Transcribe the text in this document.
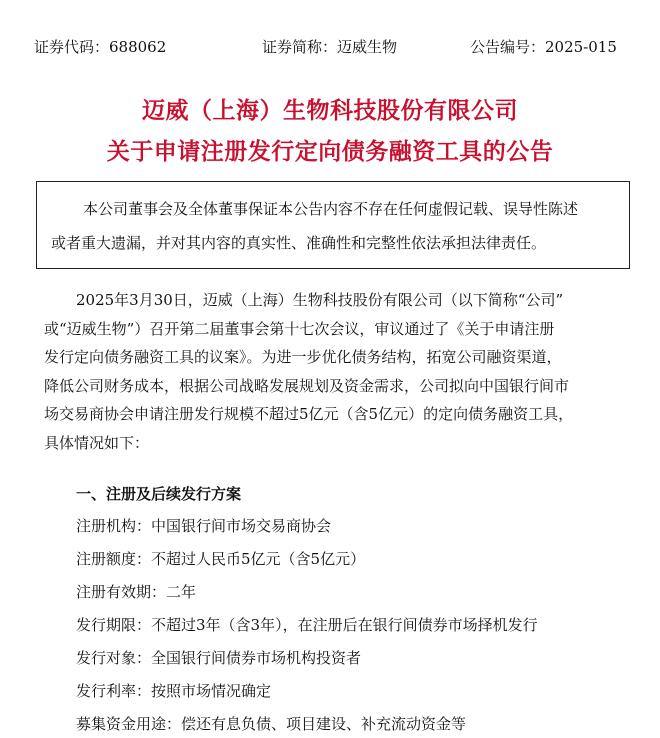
证券代码：688062	证券简称：迈威生物	公告编号：2025-015
迈威（上海）生物科技股份有限公司
关于申请注册发行定向债务融资工具的公告

本公司董事会及全体董事保证本公告内容不存在任何虚假记载、误导性陈述

或者重大遗漏，并对其内容的真实性、准确性和完整性依法承担法律责任。
2025年3月30日，迈威（上海）生物科技股份有限公司（以下简称“公司”
或“迈威生物”）召开第二届董事会第十七次会议，审议通过了《关于申请注册
发行定向债务融资工具的议案》。为进一步优化债务结构，拓宽公司融资渠道，
降低公司财务成本，根据公司战略发展规划及资金需求，公司拟向中国银行间市
场交易商协会申请注册发行规模不超过5亿元（含5亿元）的定向债务融资工具，
具体情况如下：
一、注册及后续发行方案
注册机构：中国银行间市场交易商协会
注册额度：不超过人民币5亿元（含5亿元）
注册有效期：二年
发行期限：不超过3年（含3年），在注册后在银行间债券市场择机发行
发行对象：全国银行间债券市场机构投资者
发行利率：按照市场情况确定
募集资金用途：偿还有息负债、项目建设、补充流动资金等
